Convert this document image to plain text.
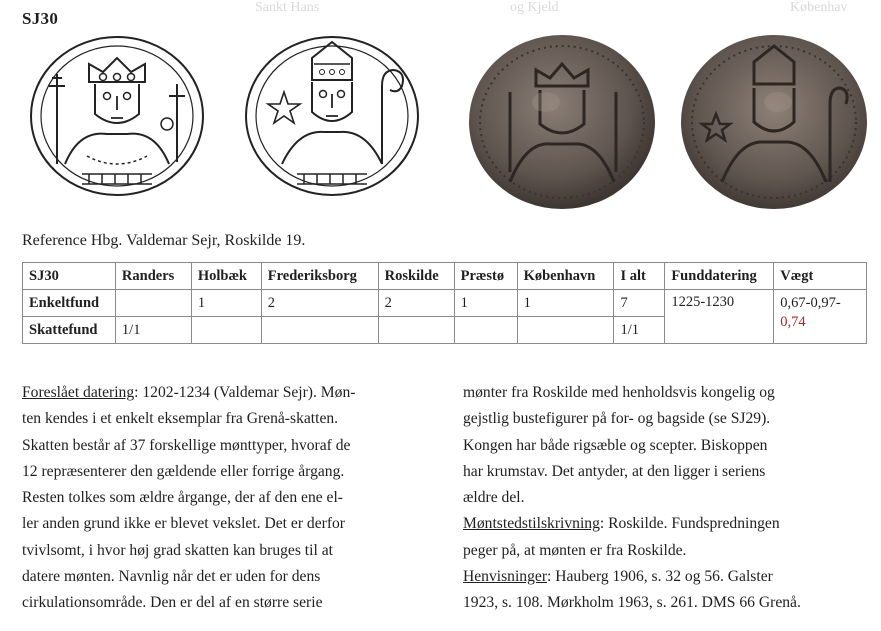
Sankt Hans	og Kjeld	Københav
SJ30
Reference Hbg. Valdemar Sejr, Roskilde 19.
SJ30	Randers	Holbæk	Frederiksborg	Roskilde	Præstø	København	I alt	Funddatering	Vægt
Enkeltfund		1	2	2	1	1	7	1225-1230	0,67-0,97-
0,74
Skattefund	1/1						1/1		

Foreslået datering: 1202-1234 (Valdemar Sejr). Møn-

ten kendes i et enkelt eksemplar fra Grenå-skatten.

Skatten består af 37 forskellige mønttyper, hvoraf de

12 repræsenterer den gældende eller forrige årgang.

Resten tolkes som ældre årgange, der af den ene el-

ler anden grund ikke er blevet vekslet. Det er derfor

tvivlsomt, i hvor høj grad skatten kan bruges til at

datere mønten. Navnlig når det er uden for dens

cirkulationsområde. Den er del af en større serie

mønter fra Roskilde med henholdsvis kongelig og

gejstlig bustefigurer på for- og bagside (se SJ29).

Kongen har både rigsæble og scepter. Biskoppen

har krumstav. Det antyder, at den ligger i seriens

ældre del.

Møntstedstilskrivning: Roskilde. Fundspredningen

peger på, at mønten er fra Roskilde.

Henvisninger: Hauberg 1906, s. 32 og 56. Galster

1923, s. 108. Mørkholm 1963, s. 261. DMS 66 Grenå.
